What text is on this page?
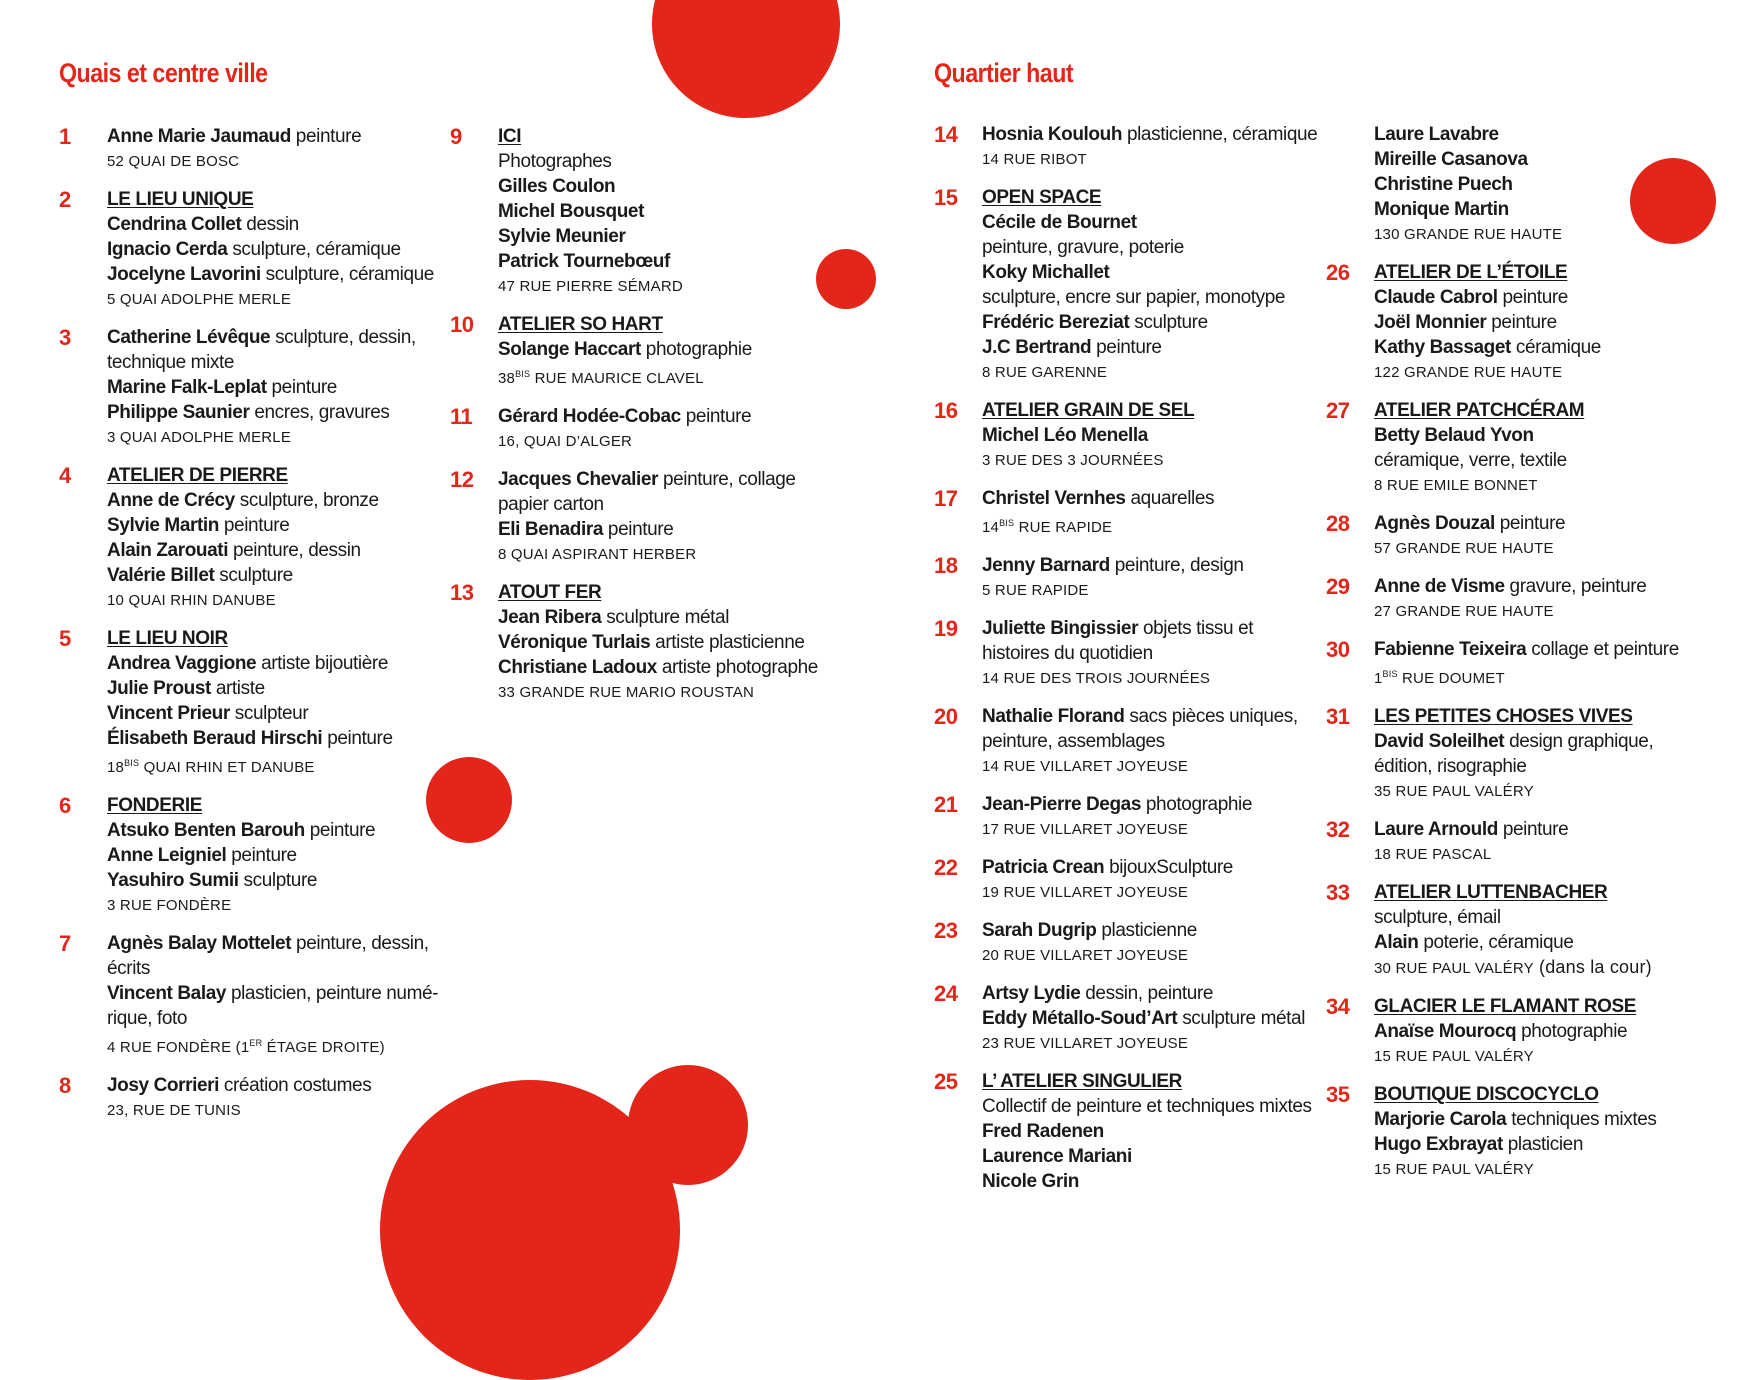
Quais et centre ville	Quartier haut
1 Anne Marie Jaumaud peinture
52 QUAI DE BOSC
2 LE LIEU UNIQUE
Cendrina Collet dessin
Ignacio Cerda sculpture, céramique
Jocelyne Lavorini sculpture, céramique
5 QUAI ADOLPHE MERLE
3 Catherine Lévêque sculpture, dessin,
technique mixte
Marine Falk-Leplat peinture
Philippe Saunier encres, gravures
3 QUAI ADOLPHE MERLE
4 ATELIER DE PIERRE
Anne de Crécy sculpture, bronze
Sylvie Martin peinture
Alain Zarouati peinture, dessin
Valérie Billet sculpture
10 QUAI RHIN DANUBE
5 LE LIEU NOIR
Andrea Vaggione artiste bijoutière
Julie Proust artiste
Vincent Prieur sculpteur
Élisabeth Beraud Hirschi peinture
$18^{BIS}$ QUAI RHIN ET DANUBE
6 FONDERIE
Atsuko Benten Barouh peinture
Anne Leigniel peinture
Yasuhiro Sumii sculpture
3 RUE FONDÈRE
7 Agnès Balay Mottelet peinture, dessin,
écrits
Vincent Balay plasticien, peinture numé-
rique, foto
4 RUE FONDÈRE (1ER ÉTAGE DROITE)
8 Josy Corrieri création costumes
23, RUE DE TUNIS
9 ICI
Photographes
Gilles Coulon
Michel Bousquet
Sylvie Meunier
Patrick Tournebœuf
47 RUE PIERRE SÉMARD
10 ATELIER SO HART
Solange Haccart photographie
$38^{BIS}$ RUE MAURICE CLAVEL
11 Gérard Hodée-Cobac peinture
16, QUAI D’ALGER
12 Jacques Chevalier peinture, collage
papier carton
Eli Benadira peinture
8 QUAI ASPIRANT HERBER
13 ATOUT FER
Jean Ribera sculpture métal
Véronique Turlais artiste plasticienne
Christiane Ladoux artiste photographe
33 GRANDE RUE MARIO ROUSTAN
14 Hosnia Koulouh plasticienne, céramique
14 RUE RIBOT
15 OPEN SPACE
Cécile de Bournet
peinture, gravure, poterie
Koky Michallet
sculpture, encre sur papier, monotype
Frédéric Bereziat sculpture
J.C Bertrand peinture
8 RUE GARENNE
16 ATELIER GRAIN DE SEL
Michel Léo Menella
3 RUE DES 3 JOURNÉES
17 Christel Vernhes aquarelles
$14^{BIS}$ RUE RAPIDE
18 Jenny Barnard peinture, design
5 RUE RAPIDE
19 Juliette Bingissier objets tissu et
histoires du quotidien
14 RUE DES TROIS JOURNÉES
20 Nathalie Florand sacs pièces uniques,
peinture, assemblages
14 RUE VILLARET JOYEUSE
21 Jean-Pierre Degas photographie
17 RUE VILLARET JOYEUSE
22 Patricia Crean bijouxSculpture
19 RUE VILLARET JOYEUSE
23 Sarah Dugrip plasticienne
20 RUE VILLARET JOYEUSE
24 Artsy Lydie dessin, peinture
Eddy Métallo-Soud’Art sculpture métal
23 RUE VILLARET JOYEUSE
25 L’ ATELIER SINGULIER
Collectif de peinture et techniques mixtes
Fred Radenen
Laurence Mariani
Nicole Grin
Laure Lavabre
Mireille Casanova
Christine Puech
Monique Martin
130 GRANDE RUE HAUTE
26 ATELIER DE L’ÉTOILE
Claude Cabrol peinture
Joël Monnier peinture
Kathy Bassaget céramique
122 GRANDE RUE HAUTE
27 ATELIER PATCHCÉRAM
Betty Belaud Yvon
céramique, verre, textile
8 RUE EMILE BONNET
28 Agnès Douzal peinture
57 GRANDE RUE HAUTE
29 Anne de Visme gravure, peinture
27 GRANDE RUE HAUTE
30 Fabienne Teixeira collage et peinture
$1^{BIS}$ RUE DOUMET
31 LES PETITES CHOSES VIVES
David Soleilhet design graphique,
édition, risographie
35 RUE PAUL VALÉRY
32 Laure Arnould peinture
18 RUE PASCAL
33 ATELIER LUTTENBACHER
sculpture, émail
Alain poterie, céramique
30 RUE PAUL VALÉRY (dans la cour)
34 GLACIER LE FLAMANT ROSE
Anaïse Mourocq photographie
15 RUE PAUL VALÉRY
35 BOUTIQUE DISCOCYCLO
Marjorie Carola techniques mixtes
Hugo Exbrayat plasticien
15 RUE PAUL VALÉRY
